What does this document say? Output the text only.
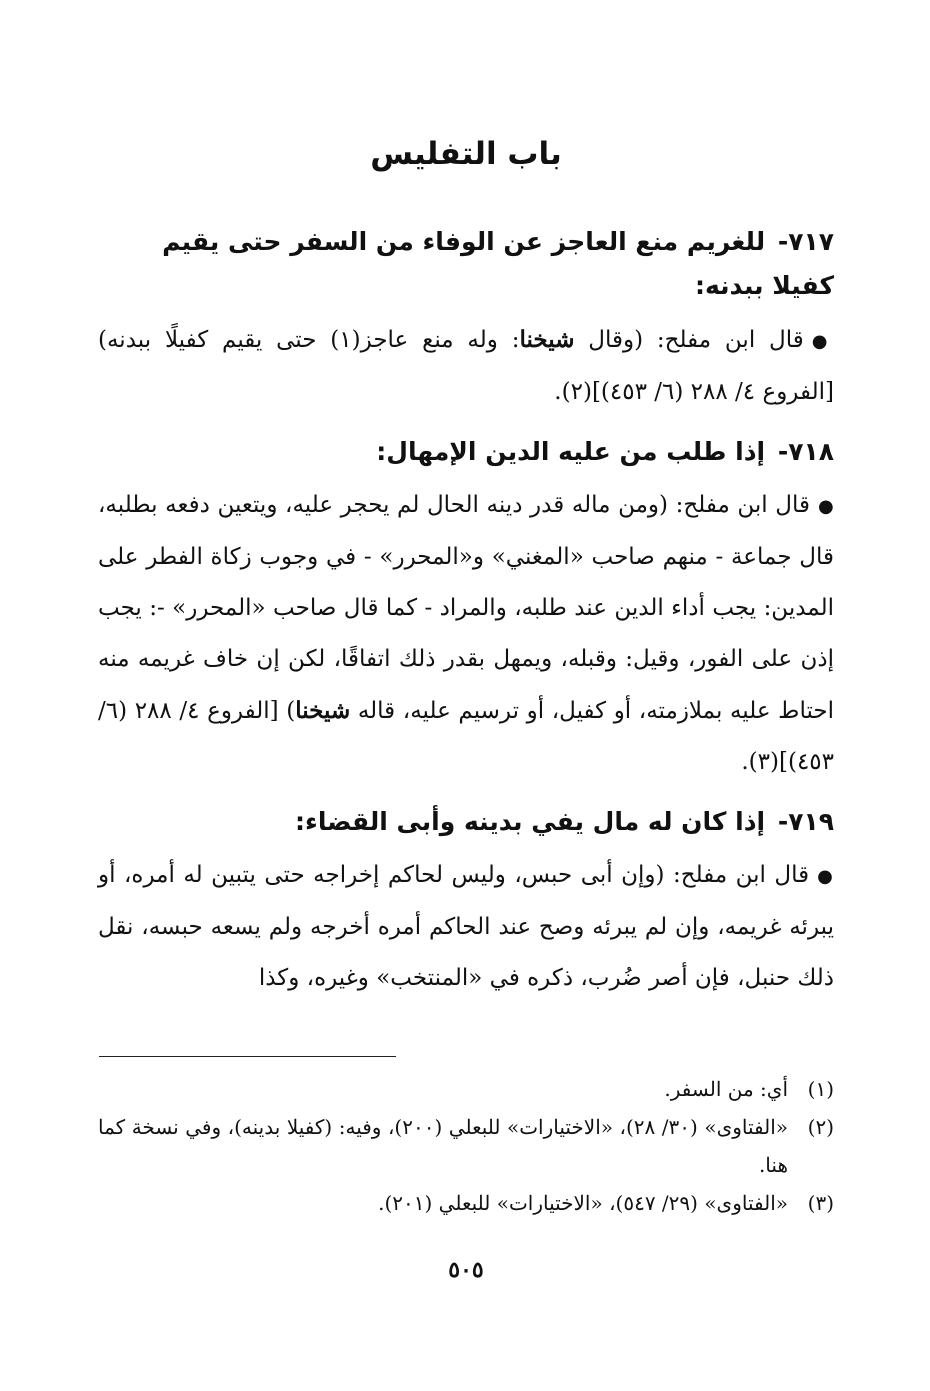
باب التفليس

٧١٧- للغريم منع العاجز عن الوفاء من السفر حتى يقيم كفيلا ببدنه:

●قال ابن مفلح: (وقال شيخنا: وله منع عاجز(١) حتى يقيم كفيلًا ببدنه) [الفروع ٤/ ٢٨٨ (٦/ ٤٥٣)](٢).

٧١٨- إذا طلب من عليه الدين الإمهال:

●قال ابن مفلح: (ومن ماله قدر دينه الحال لم يحجر عليه، ويتعين دفعه بطلبه، قال جماعة - منهم صاحب «المغني» و«المحرر» - في وجوب زكاة الفطر على المدين: يجب أداء الدين عند طلبه، والمراد - كما قال صاحب «المحرر» -: يجب إذن على الفور، وقيل: وقبله، ويمهل بقدر ذلك اتفاقًا، لكن إن خاف غريمه منه احتاط عليه بملازمته، أو كفيل، أو ترسيم عليه، قاله شيخنا) [الفروع ٤/ ٢٨٨ (٦/ ٤٥٣)](٣).

٧١٩- إذا كان له مال يفي بدينه وأبى القضاء:

●قال ابن مفلح: (وإن أبى حبس، وليس لحاكم إخراجه حتى يتبين له أمره، أو يبرئه غريمه، وإن لم يبرئه وصح عند الحاكم أمره أخرجه ولم يسعه حبسه، نقل ذلك حنبل، فإن أصر ضُرب، ذكره في «المنتخب» وغيره، وكذا

(١)
أي: من السفر.

(٢)
«الفتاوى» (٣٠/ ٢٨)، «الاختيارات» للبعلي (٢٠٠)، وفيه: (كفيلا بدينه)، وفي نسخة كما هنا.

(٣)
«الفتاوى» (٢٩/ ٥٤٧)، «الاختيارات» للبعلي (٢٠١).

٥٠٥
